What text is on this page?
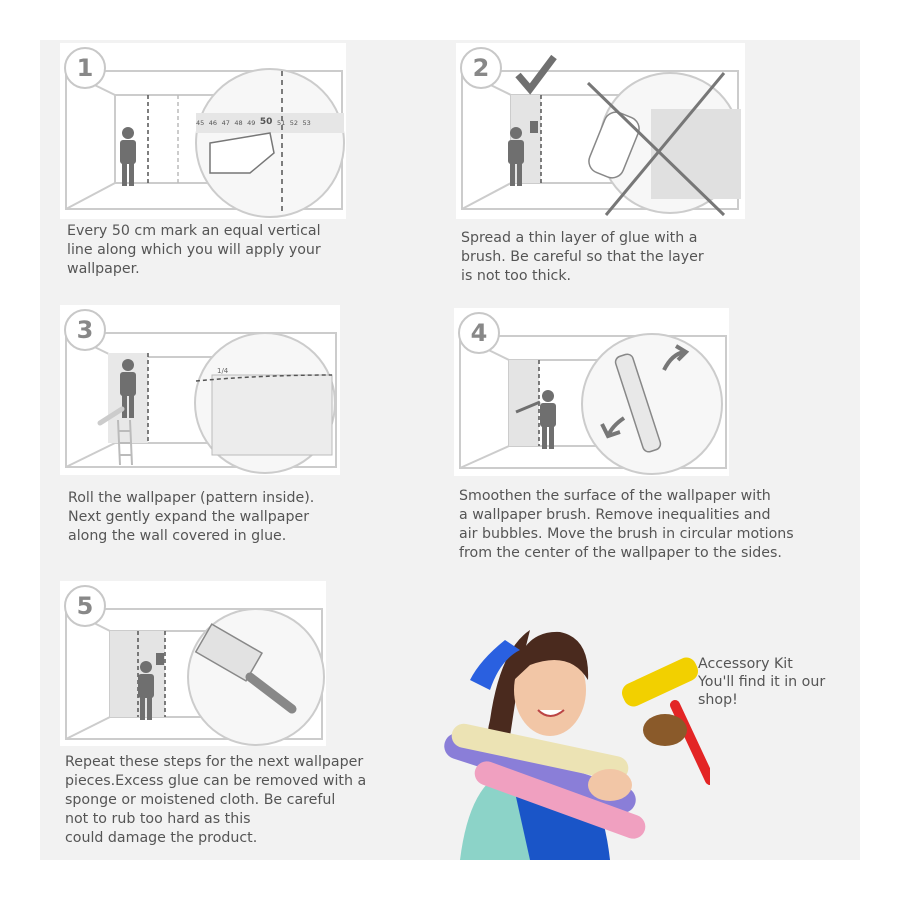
1
45 46 47 48 49 50 51 52 53
Every 50 cm mark an equal vertical
line along which you will apply your
wallpaper.
2
Spread a thin layer of glue with a
brush. Be careful so that the layer
is not too thick.
3
1/4
Roll the wallpaper (pattern inside).
Next gently expand the wallpaper
along the wall covered in glue.
4
Smoothen the surface of the wallpaper with
a wallpaper brush. Remove inequalities and
air bubbles. Move the brush in circular motions
from the center of the wallpaper to the sides.
5
Repeat these steps for the next wallpaper
pieces.Excess glue can be removed with a
sponge or moistened cloth. Be careful
not to rub too hard as this
could damage the product.
Accessory Kit
You'll find it in our
shop!
